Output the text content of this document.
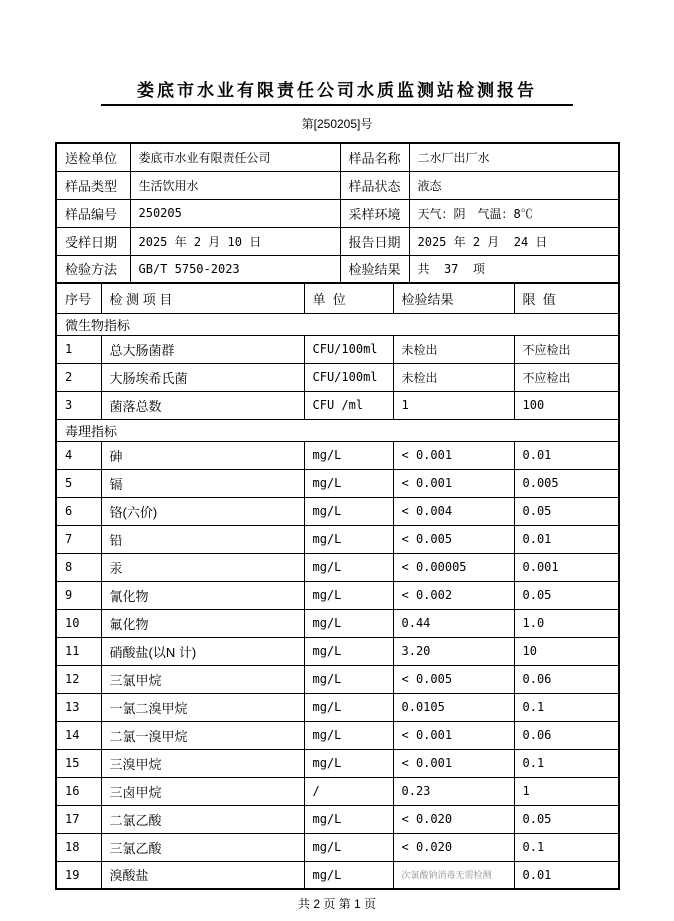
娄底市水业有限责任公司水质监测站检测报告
第[250205]号
送检单位	娄底市水业有限责任公司	样品名称	二水厂出厂水
样品类型	生活饮用水	样品状态	液态
样品编号	250205	采样环境	天气：阴　气温：8℃
受样日期	2025 年 2 月 10 日	报告日期	2025 年 2 月  24 日
检验方法	GB/T 5750-2023	检验结果	共  37  项
序号	检 测 项 目	单  位	检验结果	限  值
微生物指标				
1	总大肠菌群	CFU/100ml	未检出	不应检出
2	大肠埃希氏菌	CFU/100ml	未检出	不应检出
3	菌落总数	CFU /ml	1	100
毒理指标				
4	砷	mg/L	< 0.001	0.01
5	镉	mg/L	< 0.001	0.005
6	铬(六价)	mg/L	< 0.004	0.05
7	铅	mg/L	< 0.005	0.01
8	汞	mg/L	< 0.00005	0.001
9	氰化物	mg/L	< 0.002	0.05
10	氟化物	mg/L	0.44	1.0
11	硝酸盐(以N 计)	mg/L	3.20	10
12	三氯甲烷	mg/L	< 0.005	0.06
13	一氯二溴甲烷	mg/L	0.0105	0.1
14	二氯一溴甲烷	mg/L	< 0.001	0.06
15	三溴甲烷	mg/L	< 0.001	0.1
16	三卤甲烷	/	0.23	1
17	二氯乙酸	mg/L	< 0.020	0.05
18	三氯乙酸	mg/L	< 0.020	0.1
19	溴酸盐	mg/L	次氯酸钠消毒无需检测	0.01
共 2 页 第 1 页
